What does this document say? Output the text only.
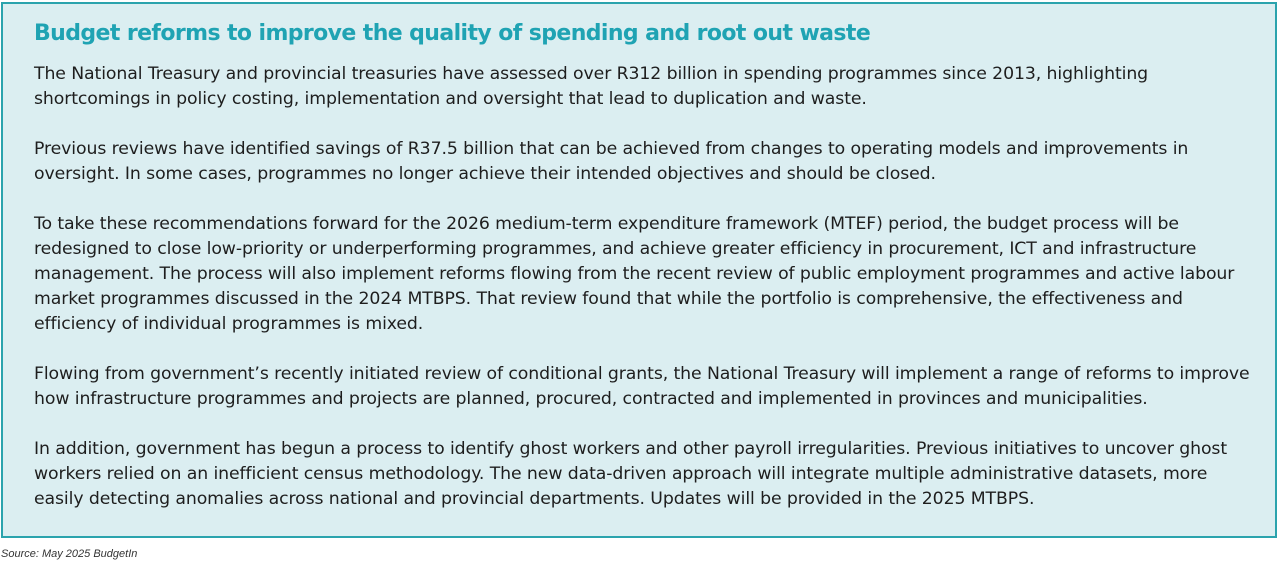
Budget reforms to improve the quality of spending and root out waste

The National Treasury and provincial treasuries have assessed over R312 billion in spending programmes since 2013, highlighting shortcomings in policy costing, implementation and oversight that lead to duplication and waste.

Previous reviews have identified savings of R37.5 billion that can be achieved from changes to operating models and improvements in oversight. In some cases, programmes no longer achieve their intended objectives and should be closed.

To take these recommendations forward for the 2026 medium-term expenditure framework (MTEF) period, the budget process will be redesigned to close low-priority or underperforming programmes, and achieve greater efficiency in procurement, ICT and infrastructure management. The process will also implement reforms flowing from the recent review of public employment programmes and active labour market programmes discussed in the 2024 MTBPS. That review found that while the portfolio is comprehensive, the effectiveness and efficiency of individual programmes is mixed.

Flowing from government’s recently initiated review of conditional grants, the National Treasury will implement a range of reforms to improve how infrastructure programmes and projects are planned, procured, contracted and implemented in provinces and municipalities.

In addition, government has begun a process to identify ghost workers and other payroll irregularities. Previous initiatives to uncover ghost workers relied on an inefficient census methodology. The new data-driven approach will integrate multiple administrative datasets, more easily detecting anomalies across national and provincial departments. Updates will be provided in the 2025 MTBPS.

Source: May 2025 BudgetIn
